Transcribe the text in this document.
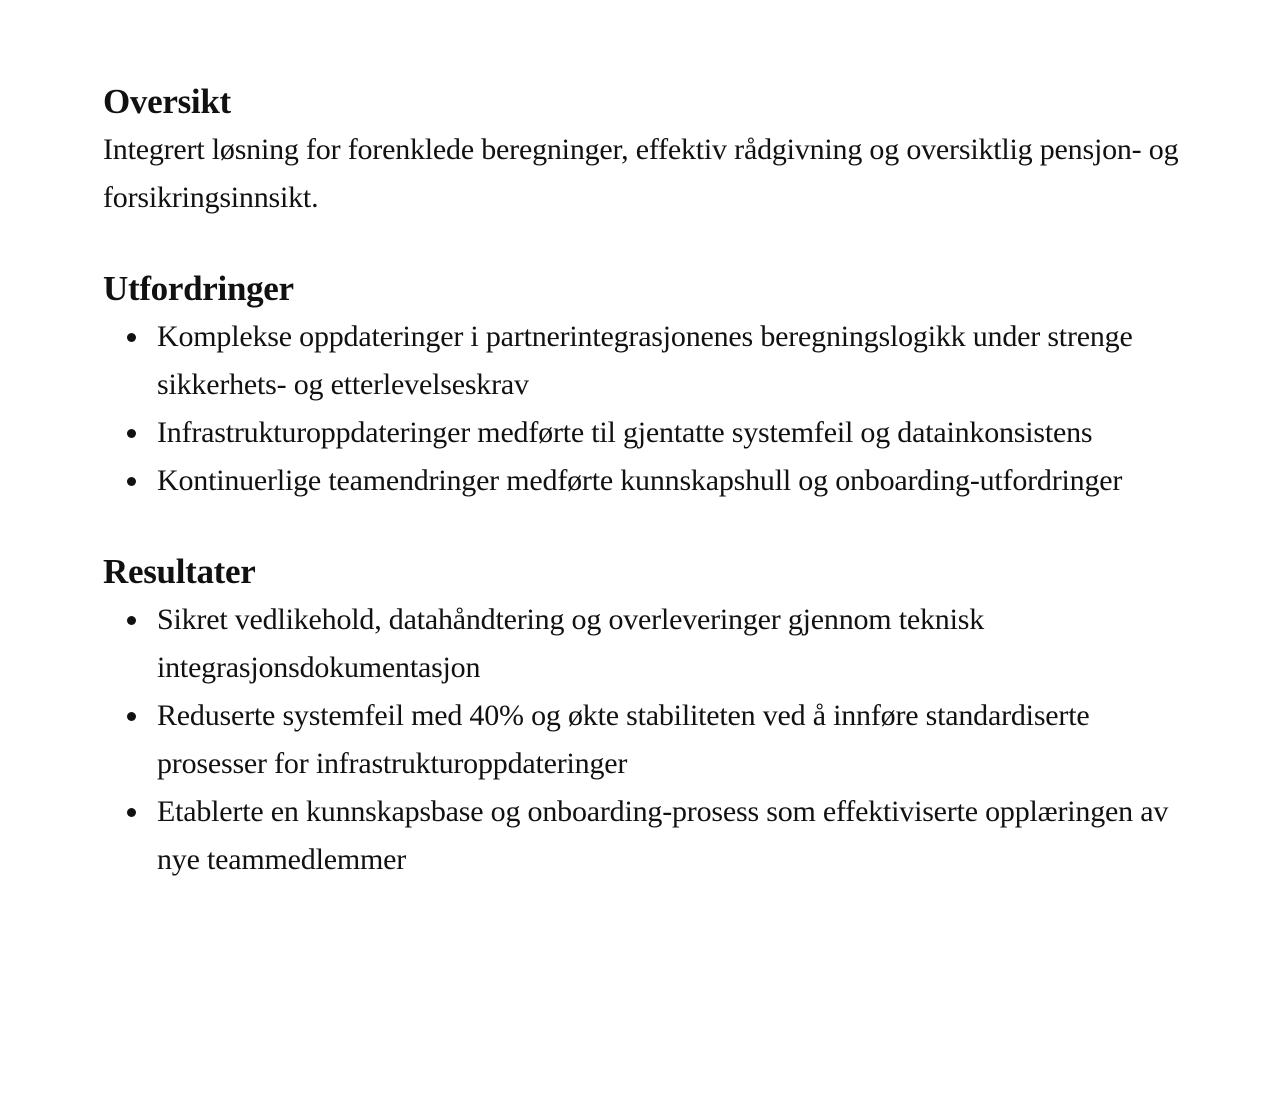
Oversikt

Integrert løsning for forenklede beregninger, effektiv rådgivning og oversiktlig pensjon- og forsikringsinnsikt.

Utfordringer
Komplekse oppdateringer i partnerintegrasjonenes beregningslogikk under strenge sikkerhets- og etterlevelseskrav
Infrastrukturoppdateringer medførte til gjentatte systemfeil og datainkonsistens
Kontinuerlige teamendringer medførte kunnskapshull og onboarding-utfordringer
Resultater
Sikret vedlikehold, datahåndtering og overleveringer gjennom teknisk integrasjonsdokumentasjon
Reduserte systemfeil med 40% og økte stabiliteten ved å innføre standardiserte prosesser for infrastrukturoppdateringer
Etablerte en kunnskapsbase og onboarding-prosess som effektiviserte opplæringen av nye teammedlemmer
